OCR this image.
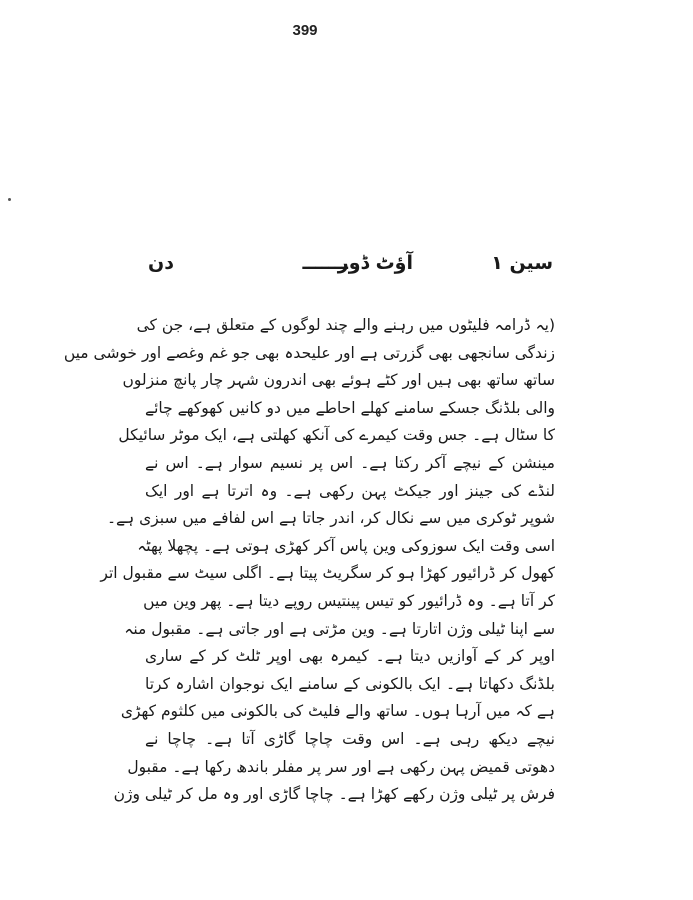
399
سین ۱
آؤٹ ڈور
ـــــــ
دن
(یہ ڈرامہ فلیٹوں میں رہنے والے چند لوگوں کے متعلق ہے، جن کی
زندگی سانجھی بھی گزرتی ہے اور علیحدہ بھی جو غم وغصے اور خوشی میں
ساتھ ساتھ بھی ہیں اور کٹے ہوئے بھی اندرون شہر چار پانچ منزلوں
والی بلڈنگ جسکے سامنے کھلے احاطے میں دو کانیں کھوکھے چائے
کا سٹال ہے۔ جس وقت کیمرے کی آنکھ کھلتی ہے، ایک موٹر سائیکل
مینشن کے نیچے آکر رکتا ہے۔ اس پر نسیم سوار ہے۔ اس نے
لنڈے کی جینز اور جیکٹ پہن رکھی ہے۔ وہ اترتا ہے اور ایک
شوپر ٹوکری میں سے نکال کر، اندر جاتا ہے اس لفافے میں سبزی ہے۔
اسی وقت ایک سوزوکی وین پاس آکر کھڑی ہوتی ہے۔ پچھلا پھٹہ
کھول کر ڈرائیور کھڑا ہو کر سگریٹ پیتا ہے۔ اگلی سیٹ سے مقبول اتر
کر آتا ہے۔ وہ ڈرائیور کو تیس پینتیس روپے دیتا ہے۔ پھر وین میں
سے اپنا ٹیلی وژن اتارتا ہے۔ وین مڑتی ہے اور جاتی ہے۔ مقبول منہ
اوپر کر کے آوازیں دیتا ہے۔ کیمرہ بھی اوپر ٹلٹ کر کے ساری
بلڈنگ دکھاتا ہے۔ ایک بالکونی کے سامنے ایک نوجوان اشارہ کرتا
ہے کہ میں آرہا ہوں۔ ساتھ والے فلیٹ کی بالکونی میں کلثوم کھڑی
نیچے دیکھ رہی ہے۔ اس وقت چاچا گاڑی آتا ہے۔ چاچا نے
دھوتی قمیض پہن رکھی ہے اور سر پر مفلر باندھ رکھا ہے۔ مقبول
فرش پر ٹیلی وژن رکھے کھڑا ہے۔ چاچا گاڑی اور وہ مل کر ٹیلی وژن
